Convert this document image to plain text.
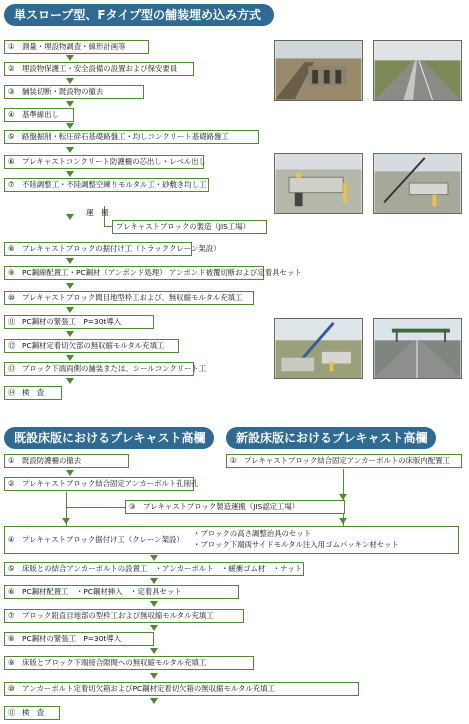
単スロープ型、Fタイプ型の舗装埋め込み方式
① 測量・埋設物調査・線形計画等
② 埋設物保護工・安全設備の設置および保安要員
③ 舗装切断・既設物の撤去
④ 基準線出し
⑤ 路盤掘削・転圧砕石基礎路盤工・均しコンクリート基礎路盤工
⑥ プレキャストコンクリート防護柵の芯出し・レベル出し
⑦ 不陸調整工・不陸調整空練りモルタル工・砂敷き均し工
⑧ プレキャストブロックの据付け工（トラッククレーン架設）
⑨ PC鋼線配置工・PC鋼材（アンボンド処理） アンボンド被覆切断および定着具セット
⑩ プレキャストブロック間目地型枠工および、無収縮モルタル充填工
⑪ PC鋼材の緊張工　P=30t導入
⑫ PC鋼材定着切欠部の無収縮モルタル充填工
⑬ ブロック下端両側の舗装または、シールコンクリート工
⑭ 検　査
運　搬
プレキャストブロックの製造（JIS工場）
既設床版におけるプレキャスト高欄	新設床版におけるプレキャスト高欄
① プレキャストブロック結合固定アンカーボルトの床版内配置工
③ プレキャストブロック製造運搬（JIS認定工場）
① 既設防護柵の撤去
② プレキャストブロック結合固定アンカーボルト孔削孔
④ プレキャストブロック据付け工（クレーン架設）
・ブロックの高さ調整治具のセット
・ブロック下端両サイドモルタル注入用ゴムパッキン材セット
⑤ 床版との結合アンカーボルトの設置工　・アンカーボルト　・緩衝ゴム材　・ナット
⑥ PC鋼材配置工　・PC鋼材挿入　・定着具セット
⑦ ブロック鉛直目地部の型枠工および無収縮モルタル充填工
⑧ PC鋼材の緊張工　P=30t導入
⑨ 床版とブロック下端接合隙間への無収縮モルタル充填工
⑩ アンカーボルト定着切欠箱およびPC鋼材定着切欠箱の無収縮モルタル充填工
⑪ 検　査
